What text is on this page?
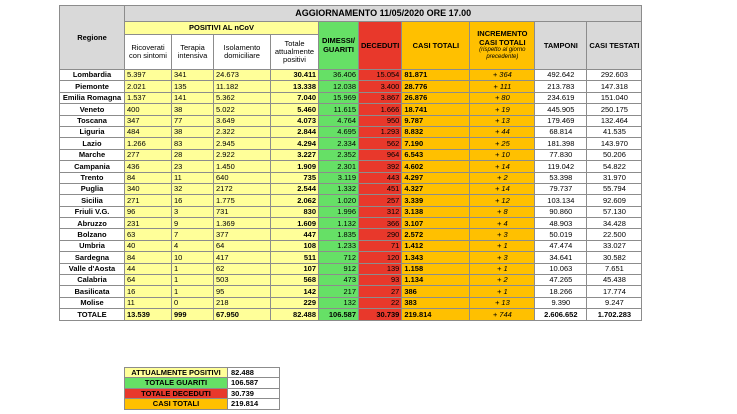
Regione	AGGIORNAMENTO 11/05/2020 ORE 17.00									
	POSITIVI AL nCoV				DIMESSI/ GUARITI	DECEDUTI	CASI TOTALI	INCREMENTO CASI TOTALI
(rispetto al giorno precedente)	TAMPONI	CASI TESTATI
	Ricoverati con sintomi	Terapia intensiva	Isolamento domiciliare	Totale attualmente positivi						
Lombardia	5.397	341	24.673	30.411	36.406	15.054	81.871	+ 364	492.642	292.603
Piemonte	2.021	135	11.182	13.338	12.038	3.400	28.776	+ 111	213.783	147.318
Emilia Romagna	1.537	141	5.362	7.040	15.969	3.867	26.876	+ 80	234.619	151.040
Veneto	400	38	5.022	5.460	11.615	1.666	18.741	+ 19	445.905	250.175
Toscana	347	77	3.649	4.073	4.764	950	9.787	+ 13	179.469	132.464
Liguria	484	38	2.322	2.844	4.695	1.293	8.832	+ 44	68.814	41.535
Lazio	1.266	83	2.945	4.294	2.334	562	7.190	+ 25	181.398	143.970
Marche	277	28	2.922	3.227	2.352	964	6.543	+ 10	77.830	50.206
Campania	436	23	1.450	1.909	2.301	392	4.602	+ 14	119.042	54.822
Trento	84	11	640	735	3.119	443	4.297	+ 2	53.398	31.970
Puglia	340	32	2172	2.544	1.332	451	4.327	+ 14	79.737	55.794
Sicilia	271	16	1.775	2.062	1.020	257	3.339	+ 12	103.134	92.609
Friuli V.G.	96	3	731	830	1.996	312	3.138	+ 8	90.860	57.130
Abruzzo	231	9	1.369	1.609	1.132	366	3.107	+ 4	48.903	34.428
Bolzano	63	7	377	447	1.835	290	2.572	+ 3	50.019	22.500
Umbria	40	4	64	108	1.233	71	1.412	+ 1	47.474	33.027
Sardegna	84	10	417	511	712	120	1.343	+ 3	34.641	30.582
Valle d'Aosta	44	1	62	107	912	139	1.158	+ 1	10.063	7.651
Calabria	64	1	503	568	473	93	1.134	+ 2	47.265	45.438
Basilicata	16	1	95	142	217	27	386	+ 1	18.266	17.774
Molise	11	0	218	229	132	22	383	+ 13	9.390	9.247
TOTALE	13.539	999	67.950	82.488	106.587	30.739	219.814	+ 744	2.606.652	1.702.283
ATTUALMENTE POSITIVI	82.488
TOTALE GUARITI	106.587
TOTALE DECEDUTI	30.739
CASI TOTALI	219.814
